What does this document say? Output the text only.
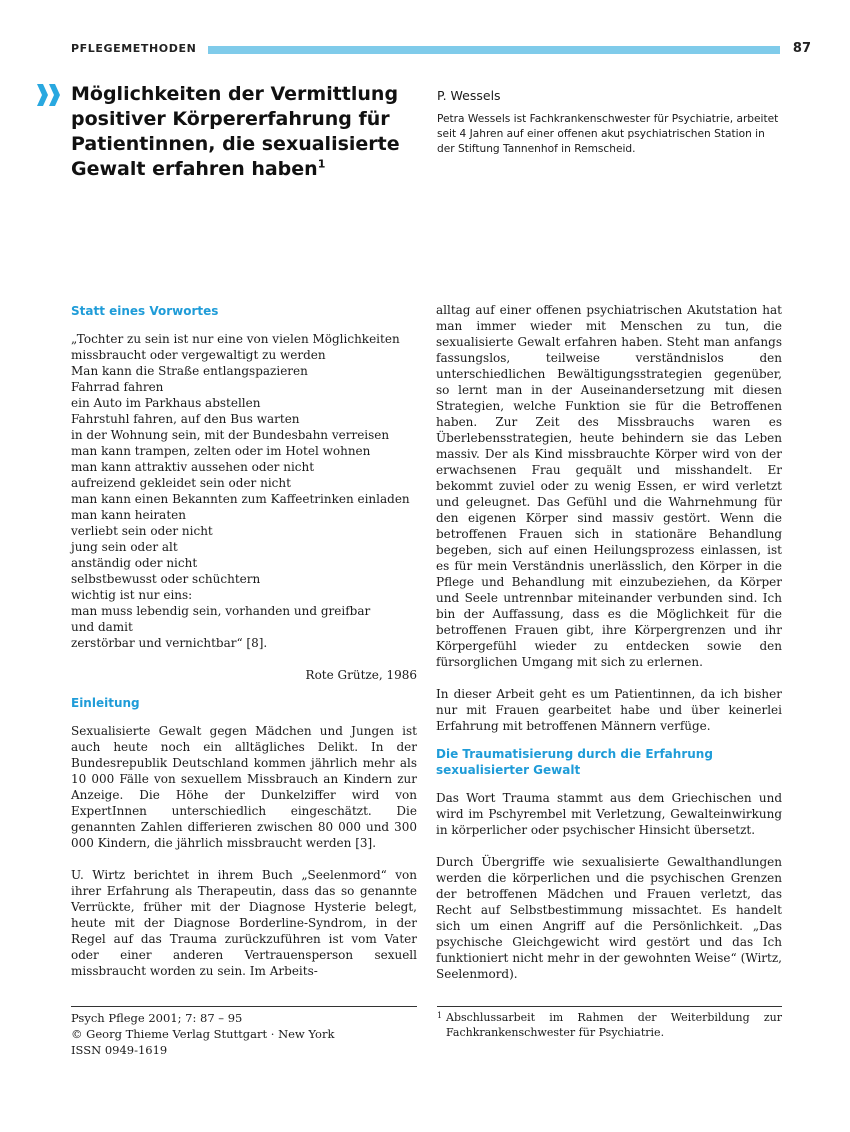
PFLEGEMETHODEN	87
Möglichkeiten der Vermittlung positiver Körpererfahrung für Patientinnen, die sexualisierte Gewalt erfahren haben$^1$

P. Wessels

Petra Wessels ist Fachkrankenschwester für Psychiatrie, arbeitet seit 4 Jahren auf einer offenen akut psychiatrischen Station in der Stiftung Tannenhof in Remscheid.

Statt eines Vorwortes
„Tochter zu sein ist nur eine von vielen Möglichkeiten
missbraucht oder vergewaltigt zu werden
Man kann die Straße entlangspazieren
Fahrrad fahren
ein Auto im Parkhaus abstellen
Fahrstuhl fahren, auf den Bus warten
in der Wohnung sein, mit der Bundesbahn verreisen
man kann trampen, zelten oder im Hotel wohnen
man kann attraktiv aussehen oder nicht
aufreizend gekleidet sein oder nicht
man kann einen Bekannten zum Kaffeetrinken einladen
man kann heiraten
verliebt sein oder nicht
jung sein oder alt
anständig oder nicht
selbstbewusst oder schüchtern
wichtig ist nur eins:
man muss lebendig sein, vorhanden und greifbar
und damit
zerstörbar und vernichtbar“ [8].

Rote Grütze, 1986

Einleitung

Sexualisierte Gewalt gegen Mädchen und Jungen ist auch heute noch ein alltägliches Delikt. In der Bundesrepublik Deutschland kommen jährlich mehr als 10 000 Fälle von sexuellem Missbrauch an Kindern zur Anzeige. Die Höhe der Dunkelziffer wird von ExpertInnen unterschiedlich eingeschätzt. Die genannten Zahlen differieren zwischen 80 000 und 300 000 Kindern, die jährlich missbraucht werden [3].

U. Wirtz berichtet in ihrem Buch „Seelenmord“ von ihrer Erfahrung als Therapeutin, dass das so genannte Verrückte, früher mit der Diagnose Hysterie belegt, heute mit der Diagnose Borderline-Syndrom, in der Regel auf das Trauma zurückzuführen ist vom Vater oder einer anderen Vertrauensperson sexuell missbraucht worden zu sein. Im Arbeits-

alltag auf einer offenen psychiatrischen Akutstation hat man immer wieder mit Menschen zu tun, die sexualisierte Gewalt erfahren haben. Steht man anfangs fassungslos, teilweise verständnislos den unterschiedlichen Bewältigungsstrategien gegenüber, so lernt man in der Auseinandersetzung mit diesen Strategien, welche Funktion sie für die Betroffenen haben. Zur Zeit des Missbrauchs waren es Überlebensstrategien, heute behindern sie das Leben massiv. Der als Kind missbrauchte Körper wird von der erwachsenen Frau gequält und misshandelt. Er bekommt zuviel oder zu wenig Essen, er wird verletzt und geleugnet. Das Gefühl und die Wahrnehmung für den eigenen Körper sind massiv gestört. Wenn die betroffenen Frauen sich in stationäre Behandlung begeben, sich auf einen Heilungsprozess einlassen, ist es für mein Verständnis unerlässlich, den Körper in die Pflege und Behandlung mit einzubeziehen, da Körper und Seele untrennbar miteinander verbunden sind. Ich bin der Auffassung, dass es die Möglichkeit für die betroffenen Frauen gibt, ihre Körpergrenzen und ihr Körpergefühl wieder zu entdecken sowie den fürsorglichen Umgang mit sich zu erlernen.

In dieser Arbeit geht es um Patientinnen, da ich bisher nur mit Frauen gearbeitet habe und über keinerlei Erfahrung mit betroffenen Männern verfüge.

Die Traumatisierung durch die Erfahrung
sexualisierter Gewalt

Das Wort Trauma stammt aus dem Griechischen und wird im Pschyrembel mit Verletzung, Gewalteinwirkung in körperlicher oder psychischer Hinsicht übersetzt.

Durch Übergriffe wie sexualisierte Gewalthandlungen werden die körperlichen und die psychischen Grenzen der betroffenen Mädchen und Frauen verletzt, das Recht auf Selbstbestimmung missachtet. Es handelt sich um einen Angriff auf die Persönlichkeit. „Das psychische Gleichgewicht wird gestört und das Ich funktioniert nicht mehr in der gewohnten Weise“ (Wirtz, Seelenmord).

Psych Pflege 2001; 7: 87 – 95
© Georg Thieme Verlag Stuttgart · New York
ISSN 0949-1619
1 Abschlussarbeit im Rahmen der Weiterbildung zur Fachkrankenschwester für Psychiatrie.
